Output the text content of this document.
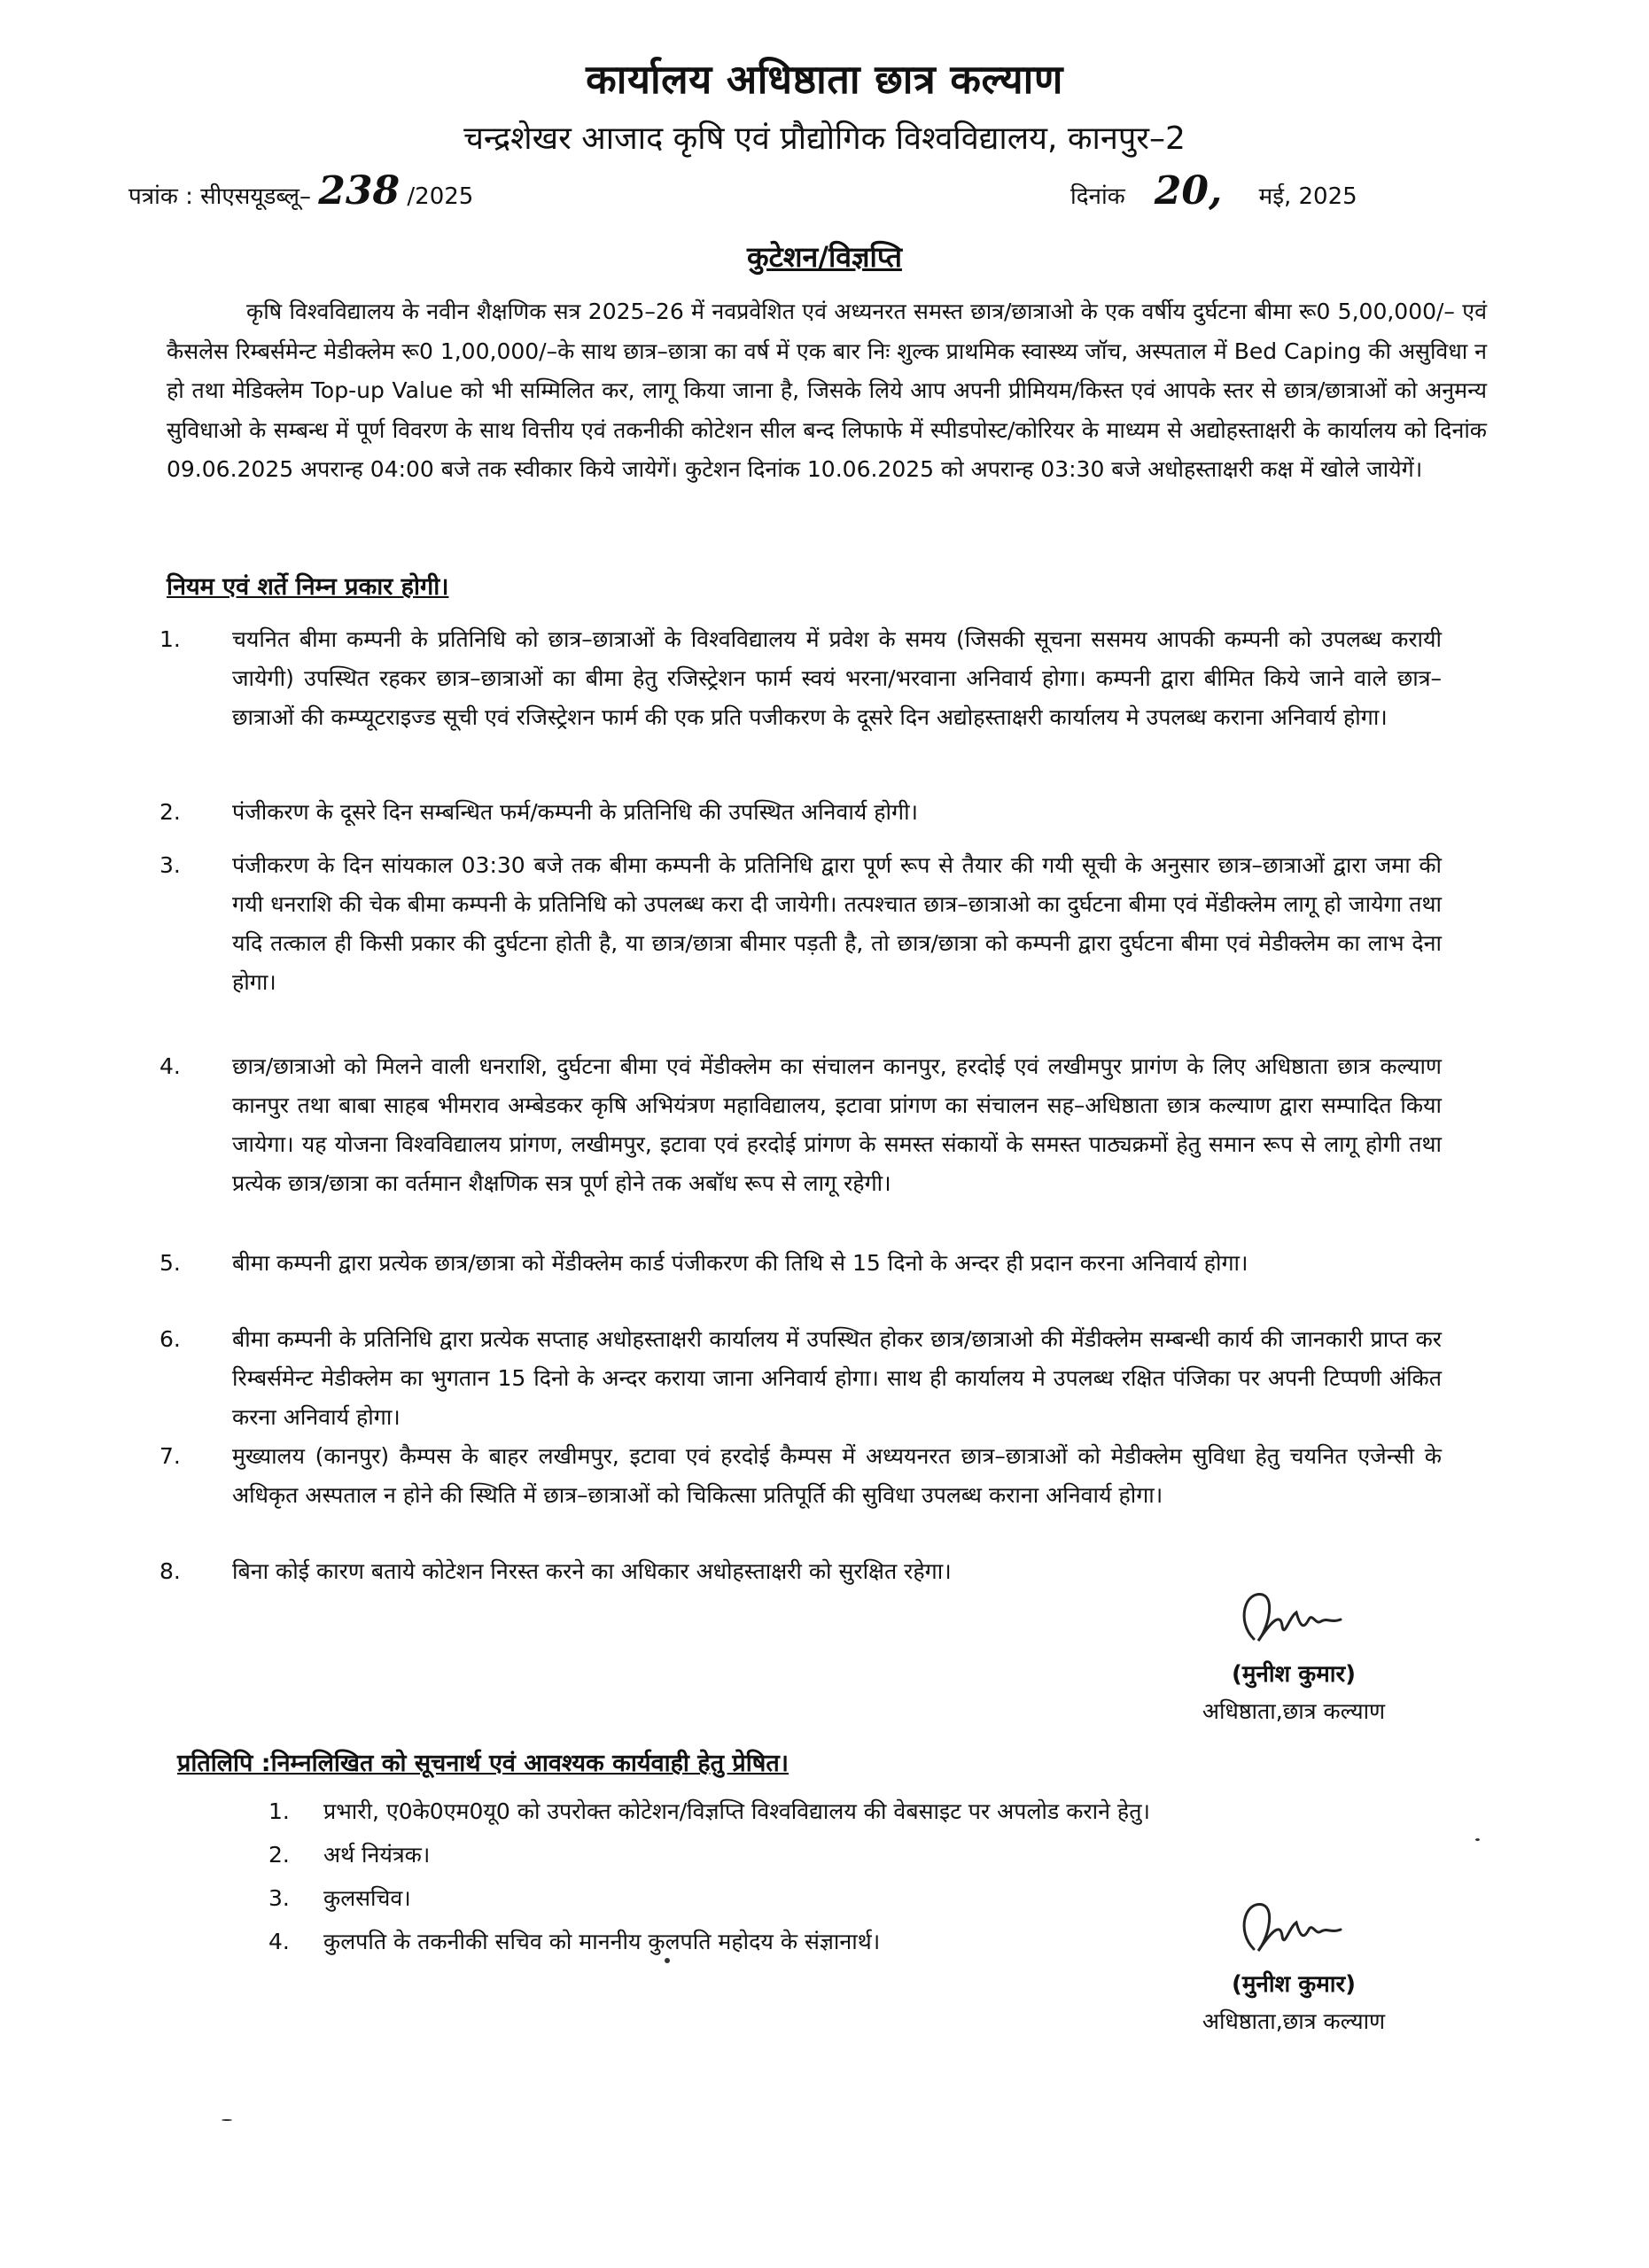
कार्यालय अधिष्ठाता छात्र कल्याण
चन्द्रशेखर आजाद कृषि एवं प्रौद्योगिक विश्वविद्यालय, कानपुर–2
पत्रांक : सीएसयूडब्लू– 238 /2025	दिनांक 20, मई, 2025
कुटेशन/विज्ञप्ति
कृषि विश्वविद्यालय के नवीन शैक्षणिक सत्र 2025–26 में नवप्रवेशित एवं अध्यनरत समस्त छात्र/छात्राओ के एक वर्षीय दुर्घटना बीमा रू0 5,00,000/– एवं कैसलेस रिम्बर्समेन्ट मेडीक्लेम रू0 1,00,000/–के साथ छात्र–छात्रा का वर्ष में एक बार निः शुल्क प्राथमिक स्वास्थ्य जॉच, अस्पताल में Bed Caping की असुविधा न हो तथा मेडिक्लेम Top-up Value को भी सम्मिलित कर, लागू किया जाना है, जिसके लिये आप अपनी प्रीमियम/किस्त एवं आपके स्तर से छात्र/छात्राओं को अनुमन्य सुविधाओ के सम्बन्ध में पूर्ण विवरण के साथ वित्तीय एवं तकनीकी कोटेशन सील बन्द लिफाफे में स्पीडपोस्ट/कोरियर के माध्यम से अद्योहस्ताक्षरी के कार्यालय को दिनांक 09.06.2025 अपरान्ह 04:00 बजे तक स्वीकार किये जायेगें। कुटेशन दिनांक 10.06.2025 को अपरान्ह 03:30 बजे अधोहस्ताक्षरी कक्ष में खोले जायेगें।
नियम एवं शर्ते निम्न प्रकार होगी।
1. चयनित बीमा कम्पनी के प्रतिनिधि को छात्र–छात्राओं के विश्वविद्यालय में प्रवेश के समय (जिसकी सूचना ससमय आपकी कम्पनी को उपलब्ध करायी जायेगी) उपस्थित रहकर छात्र–छात्राओं का बीमा हेतु रजिस्ट्रेशन फार्म स्वयं भरना/भरवाना अनिवार्य होगा। कम्पनी द्वारा बीमित किये जाने वाले छात्र–छात्राओं की कम्प्यूटराइज्ड सूची एवं रजिस्ट्रेशन फार्म की एक प्रति पजीकरण के दूसरे दिन अद्योहस्ताक्षरी कार्यालय मे उपलब्ध कराना अनिवार्य होगा।
2. पंजीकरण के दूसरे दिन सम्बन्धित फर्म/कम्पनी के प्रतिनिधि की उपस्थित अनिवार्य होगी।
3. पंजीकरण के दिन सांयकाल 03:30 बजे तक बीमा कम्पनी के प्रतिनिधि द्वारा पूर्ण रूप से तैयार की गयी सूची के अनुसार छात्र–छात्राओं द्वारा जमा की गयी धनराशि की चेक बीमा कम्पनी के प्रतिनिधि को उपलब्ध करा दी जायेगी। तत्पश्चात छात्र–छात्राओ का दुर्घटना बीमा एवं मेंडीक्लेम लागू हो जायेगा तथा यदि तत्काल ही किसी प्रकार की दुर्घटना होती है, या छात्र/छात्रा बीमार पड़ती है, तो छात्र/छात्रा को कम्पनी द्वारा दुर्घटना बीमा एवं मेडीक्लेम का लाभ देना होगा।
4. छात्र/छात्राओ को मिलने वाली धनराशि, दुर्घटना बीमा एवं मेंडीक्लेम का संचालन कानपुर, हरदोई एवं लखीमपुर प्रागंण के लिए अधिष्ठाता छात्र कल्याण कानपुर तथा बाबा साहब भीमराव अम्बेडकर कृषि अभियंत्रण महाविद्यालय, इटावा प्रांगण का संचालन सह–अधिष्ठाता छात्र कल्याण द्वारा सम्पादित किया जायेगा। यह योजना विश्वविद्यालय प्रांगण, लखीमपुर, इटावा एवं हरदोई प्रांगण के समस्त संकायों के समस्त पाठ्यक्रमों हेतु समान रूप से लागू होगी तथा प्रत्येक छात्र/छात्रा का वर्तमान शैक्षणिक सत्र पूर्ण होने तक अबॉध रूप से लागू रहेगी।
5. बीमा कम्पनी द्वारा प्रत्येक छात्र/छात्रा को मेंडीक्लेम कार्ड पंजीकरण की तिथि से 15 दिनो के अन्दर ही प्रदान करना अनिवार्य होगा।
6. बीमा कम्पनी के प्रतिनिधि द्वारा प्रत्येक सप्ताह अधोहस्ताक्षरी कार्यालय में उपस्थित होकर छात्र/छात्राओ की मेंडीक्लेम सम्बन्धी कार्य की जानकारी प्राप्त कर रिम्बर्समेन्ट मेडीक्लेम का भुगतान 15 दिनो के अन्दर कराया जाना अनिवार्य होगा। साथ ही कार्यालय मे उपलब्ध रक्षित पंजिका पर अपनी टिप्पणी अंकित करना अनिवार्य होगा।
7. मुख्यालय (कानपुर) कैम्पस के बाहर लखीमपुर, इटावा एवं हरदोई कैम्पस में अध्ययनरत छात्र–छात्राओं को मेडीक्लेम सुविधा हेतु चयनित एजेन्सी के अधिकृत अस्पताल न होने की स्थिति में छात्र–छात्राओं को चिकित्सा प्रतिपूर्ति की सुविधा उपलब्ध कराना अनिवार्य होगा।
8. बिना कोई कारण बताये कोटेशन निरस्त करने का अधिकार अधोहस्ताक्षरी को सुरक्षित रहेगा।
(मुनीश कुमार)
अधिष्ठाता,छात्र कल्याण
प्रतिलिपि :निम्नलिखित को सूचनार्थ एवं आवश्यक कार्यवाही हेतु प्रेषित।
1. प्रभारी, ए0के0एम0यू0 को उपरोक्त कोटेशन/विज्ञप्ति विश्वविद्यालय की वेबसाइट पर अपलोड कराने हेतु।
2. अर्थ नियंत्रक।
3. कुलसचिव।
4. कुलपति के तकनीकी सचिव को माननीय कुलपति महोदय के संज्ञानार्थ।
(मुनीश कुमार)
अधिष्ठाता,छात्र कल्याण
